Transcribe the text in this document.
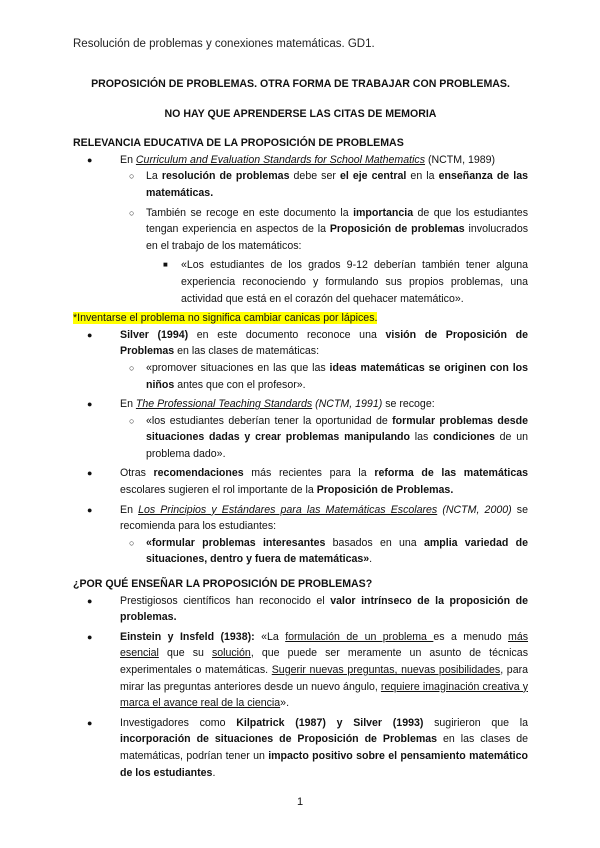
Resolución de problemas y conexiones matemáticas. GD1.
PROPOSICIÓN DE PROBLEMAS. OTRA FORMA DE TRABAJAR CON PROBLEMAS.
NO HAY QUE APRENDERSE LAS CITAS DE MEMORIA
RELEVANCIA EDUCATIVA DE LA PROPOSICIÓN DE PROBLEMAS
●	En Curriculum and Evaluation Standards for School Mathematics (NCTM, 1989)
○ La resolución de problemas debe ser el eje central en la enseñanza de las matemáticas.
○ También se recoge en este documento la importancia de que los estudiantes tengan experiencia en aspectos de la Proposición de problemas involucrados en el trabajo de los matemáticos:
■ «Los estudiantes de los grados 9-12 deberían también tener alguna experiencia reconociendo y formulando sus propios problemas, una actividad que está en el corazón del quehacer matemático».
*Inventarse el problema no significa cambiar canicas por lápices.
●	Silver (1994) en este documento reconoce una visión de Proposición de Problemas en las clases de matemáticas:
○ «promover situaciones en las que las ideas matemáticas se originen con los niños antes que con el profesor».
●	En The Professional Teaching Standards (NCTM, 1991) se recoge:
○ «los estudiantes deberían tener la oportunidad de formular problemas desde situaciones dadas y crear problemas manipulando las condiciones de un problema dado».
●	Otras recomendaciones más recientes para la reforma de las matemáticas escolares sugieren el rol importante de la Proposición de Problemas.
●	En Los Principios y Estándares para las Matemáticas Escolares (NCTM, 2000) se recomienda para los estudiantes:
○ «formular problemas interesantes basados en una amplia variedad de situaciones, dentro y fuera de matemáticas».
¿POR QUÉ ENSEÑAR LA PROPOSICIÓN DE PROBLEMAS?
●	Prestigiosos científicos han reconocido el valor intrínseco de la proposición de problemas.
●	Einstein y Insfeld (1938): «La formulación de un problema es a menudo más esencial que su solución, que puede ser meramente un asunto de técnicas experimentales o matemáticas. Sugerir nuevas preguntas, nuevas posibilidades, para mirar las preguntas anteriores desde un nuevo ángulo, requiere imaginación creativa y marca el avance real de la ciencia».
●	Investigadores como Kilpatrick (1987) y Silver (1993) sugirieron que la incorporación de situaciones de Proposición de Problemas en las clases de matemáticas, podrían tener un impacto positivo sobre el pensamiento matemático de los estudiantes.
1
